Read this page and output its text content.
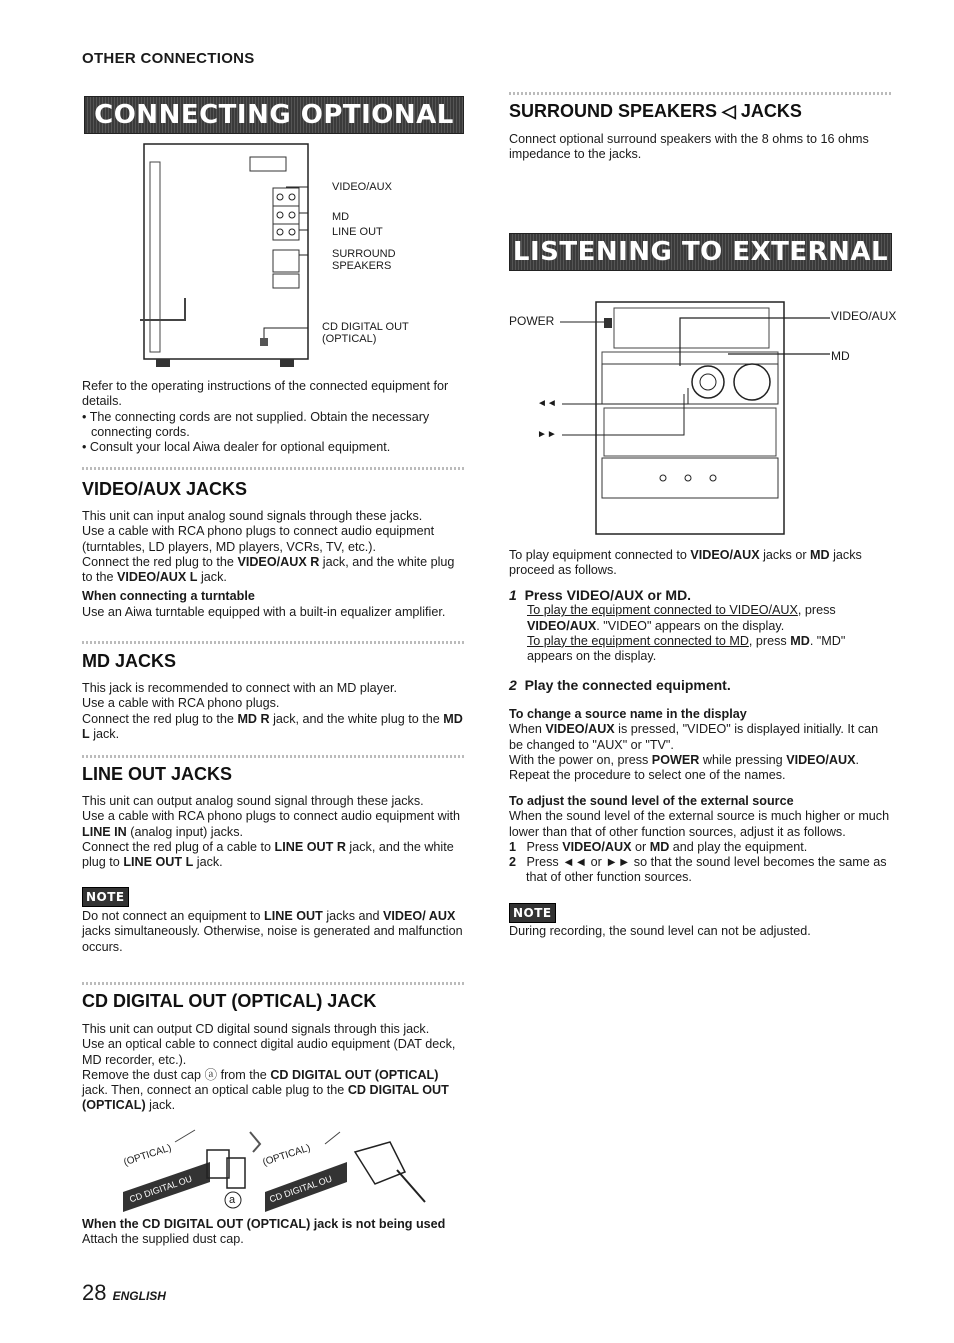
OTHER CONNECTIONS
CONNECTING OPTIONAL EQUIPMENT
VIDEO/AUX
MD
LINE OUT
SURROUND
SPEAKERS
CD DIGITAL OUT
(OPTICAL)

Refer to the operating instructions of the connected equipment for details.

• The connecting cords are not supplied. Obtain the necessary connecting cords.

• Consult your local Aiwa dealer for optional equipment.

VIDEO/AUX JACKS

This unit can input analog sound signals through these jacks.

Use a cable with RCA phono plugs to connect audio equipment (turntables, LD players, MD players, VCRs, TV, etc.).

Connect the red plug to the VIDEO/AUX R jack, and the white plug to the VIDEO/AUX L jack.

When connecting a turntable

Use an Aiwa turntable equipped with a built-in equalizer amplifier.

MD JACKS

This jack is recommended to connect with an MD player.

Use a cable with RCA phono plugs.

Connect the red plug to the MD R jack, and the white plug to the MD L jack.

LINE OUT JACKS

This unit can output analog sound signal through these jacks.

Use a cable with RCA phono plugs to connect audio equipment with LINE IN (analog input) jacks.

Connect the red plug of a cable to LINE OUT R jack, and the white plug to LINE OUT L jack.

NOTE

Do not connect an equipment to LINE OUT jacks and VIDEO/ AUX jacks simultaneously. Otherwise, noise is generated and malfunction occurs.

CD DIGITAL OUT (OPTICAL) JACK

This unit can output CD digital sound signals through this jack.

Use an optical cable to connect digital audio equipment (DAT deck, MD recorder, etc.).

Remove the dust cap ⓐ from the CD DIGITAL OUT (OPTICAL) jack. Then, connect an optical cable plug to the CD DIGITAL OUT (OPTICAL) jack.

(OPTICAL)	(OPTICAL)
CD DIGITAL OU	CD DIGITAL OU
a

When the CD DIGITAL OUT (OPTICAL) jack is not being used

Attach the supplied dust cap.

SURROUND SPEAKERS ◁ JACKS
Connect optional surround speakers with the 8 ohms to 16 ohms impedance to the jacks.
LISTENING TO EXTERNAL SOURCES
POWER	VIDEO/AUX
MD
◄◄
►►

To play equipment connected to VIDEO/AUX jacks or MD jacks proceed as follows.

1 Press VIDEO/AUX or MD.

To play the equipment connected to VIDEO/AUX, press VIDEO/AUX. "VIDEO" appears on the display.

To play the equipment connected to MD, press MD. "MD" appears on the display.

2 Play the connected equipment.

To change a source name in the display

When VIDEO/AUX is pressed, "VIDEO" is displayed initially. It can be changed to "AUX" or "TV".

With the power on, press POWER while pressing VIDEO/AUX.

Repeat the procedure to select one of the names.

To adjust the sound level of the external source

When the sound level of the external source is much higher or much lower than that of other function sources, adjust it as follows.

1 Press VIDEO/AUX or MD and play the equipment.

2 Press ◄◄ or ►► so that the sound level becomes the same as that of other function sources.

NOTE
During recording, the sound level can not be adjusted.
28 ENGLISH
